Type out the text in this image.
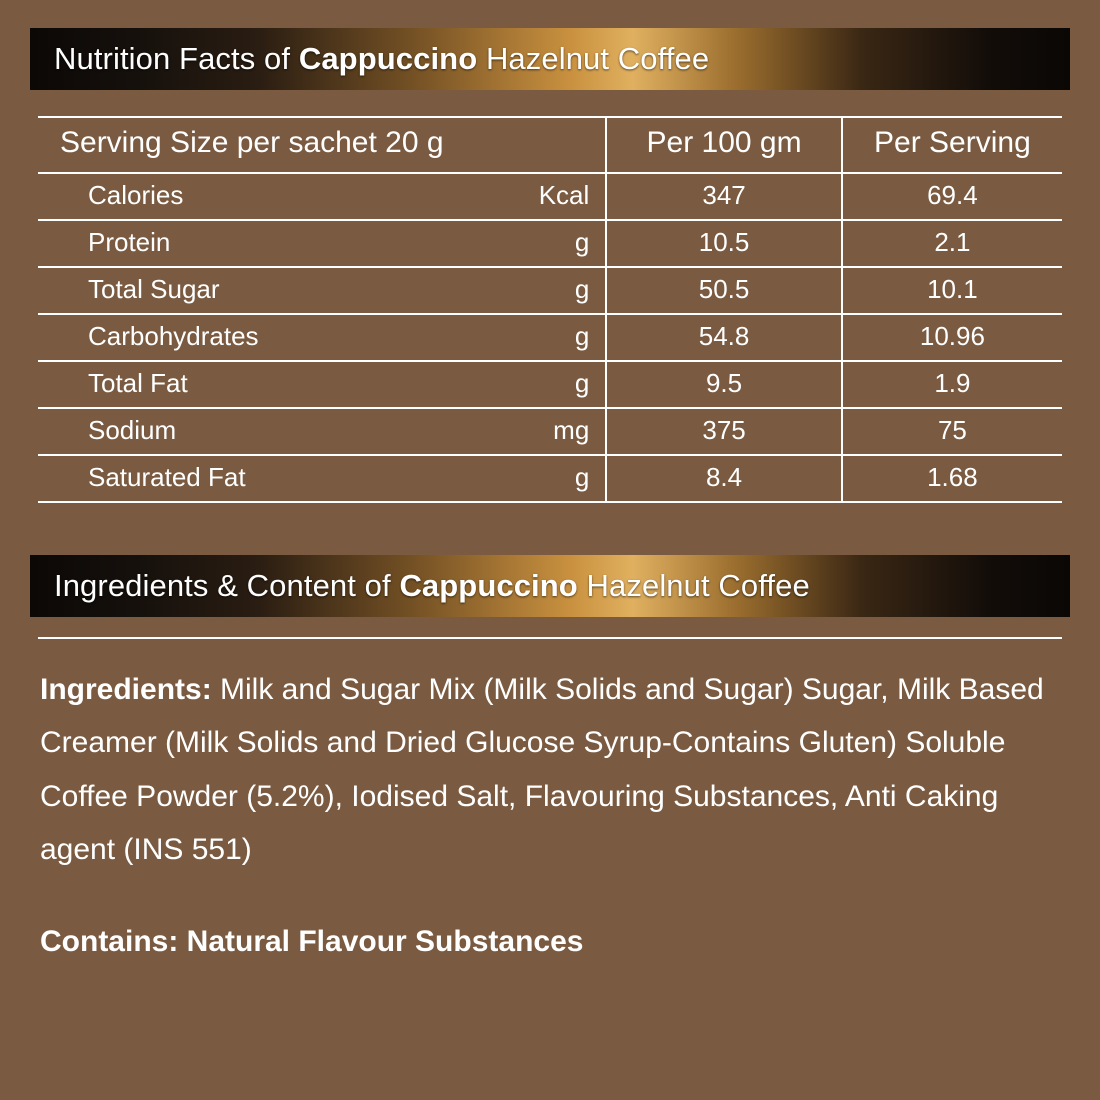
Nutrition Facts of Cappuccino Hazelnut Coffee
Serving Size per sachet 20 g		Per 100 gm	Per Serving
Calories	Kcal	347	69.4
Protein	g	10.5	2.1
Total Sugar	g	50.5	10.1
Carbohydrates	g	54.8	10.96
Total Fat	g	9.5	1.9
Sodium	mg	375	75
Saturated Fat	g	8.4	1.68
Ingredients & Content of Cappuccino Hazelnut Coffee
Ingredients: Milk and Sugar Mix (Milk Solids and Sugar) Sugar, Milk Based Creamer (Milk Solids and Dried Glucose Syrup-Contains Gluten) Soluble Coffee Powder (5.2%), Iodised Salt, Flavouring Substances, Anti Caking agent (INS 551)
Contains: Natural Flavour Substances
